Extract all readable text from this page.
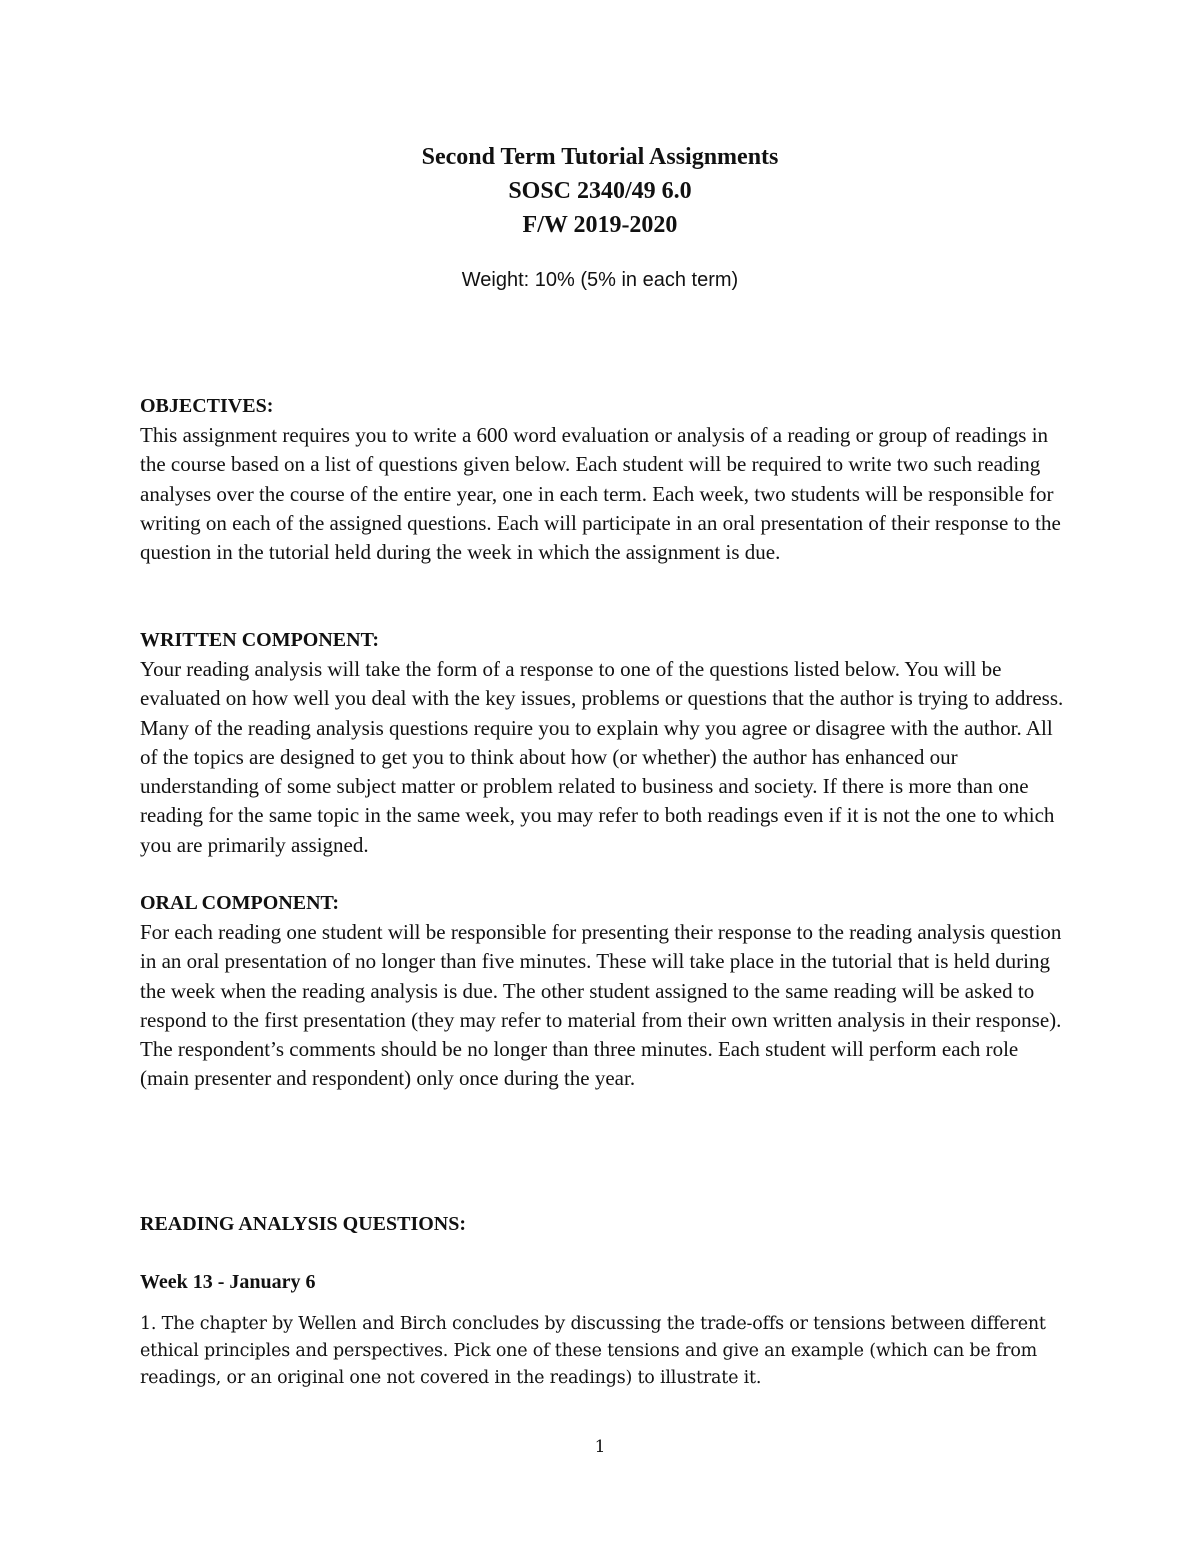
Second Term Tutorial Assignments

SOSC 2340/49 6.0

F/W 2019-2020

Weight: 10% (5% in each term)

OBJECTIVES:

This assignment requires you to write a 600 word evaluation or analysis of a reading or group of readings in the course based on a list of questions given below. Each student will be required to write two such reading analyses over the course of the entire year, one in each term. Each week, two students will be responsible for writing on each of the assigned questions. Each will participate in an oral presentation of their response to the question in the tutorial held during the week in which the assignment is due.

WRITTEN COMPONENT:

Your reading analysis will take the form of a response to one of the questions listed below. You will be evaluated on how well you deal with the key issues, problems or questions that the author is trying to address. Many of the reading analysis questions require you to explain why you agree or disagree with the author. All of the topics are designed to get you to think about how (or whether) the author has enhanced our understanding of some subject matter or problem related to business and society. If there is more than one reading for the same topic in the same week, you may refer to both readings even if it is not the one to which you are primarily assigned.

ORAL COMPONENT:

For each reading one student will be responsible for presenting their response to the reading analysis question in an oral presentation of no longer than five minutes. These will take place in the tutorial that is held during the week when the reading analysis is due. The other student assigned to the same reading will be asked to respond to the first presentation (they may refer to material from their own written analysis in their response). The respondent’s comments should be no longer than three minutes. Each student will perform each role (main presenter and respondent) only once during the year.

READING ANALYSIS QUESTIONS:

Week 13 - January 6

1. The chapter by Wellen and Birch concludes by discussing the trade-offs or tensions between different ethical principles and perspectives. Pick one of these tensions and give an example (which can be from readings, or an original one not covered in the readings) to illustrate it.

1
